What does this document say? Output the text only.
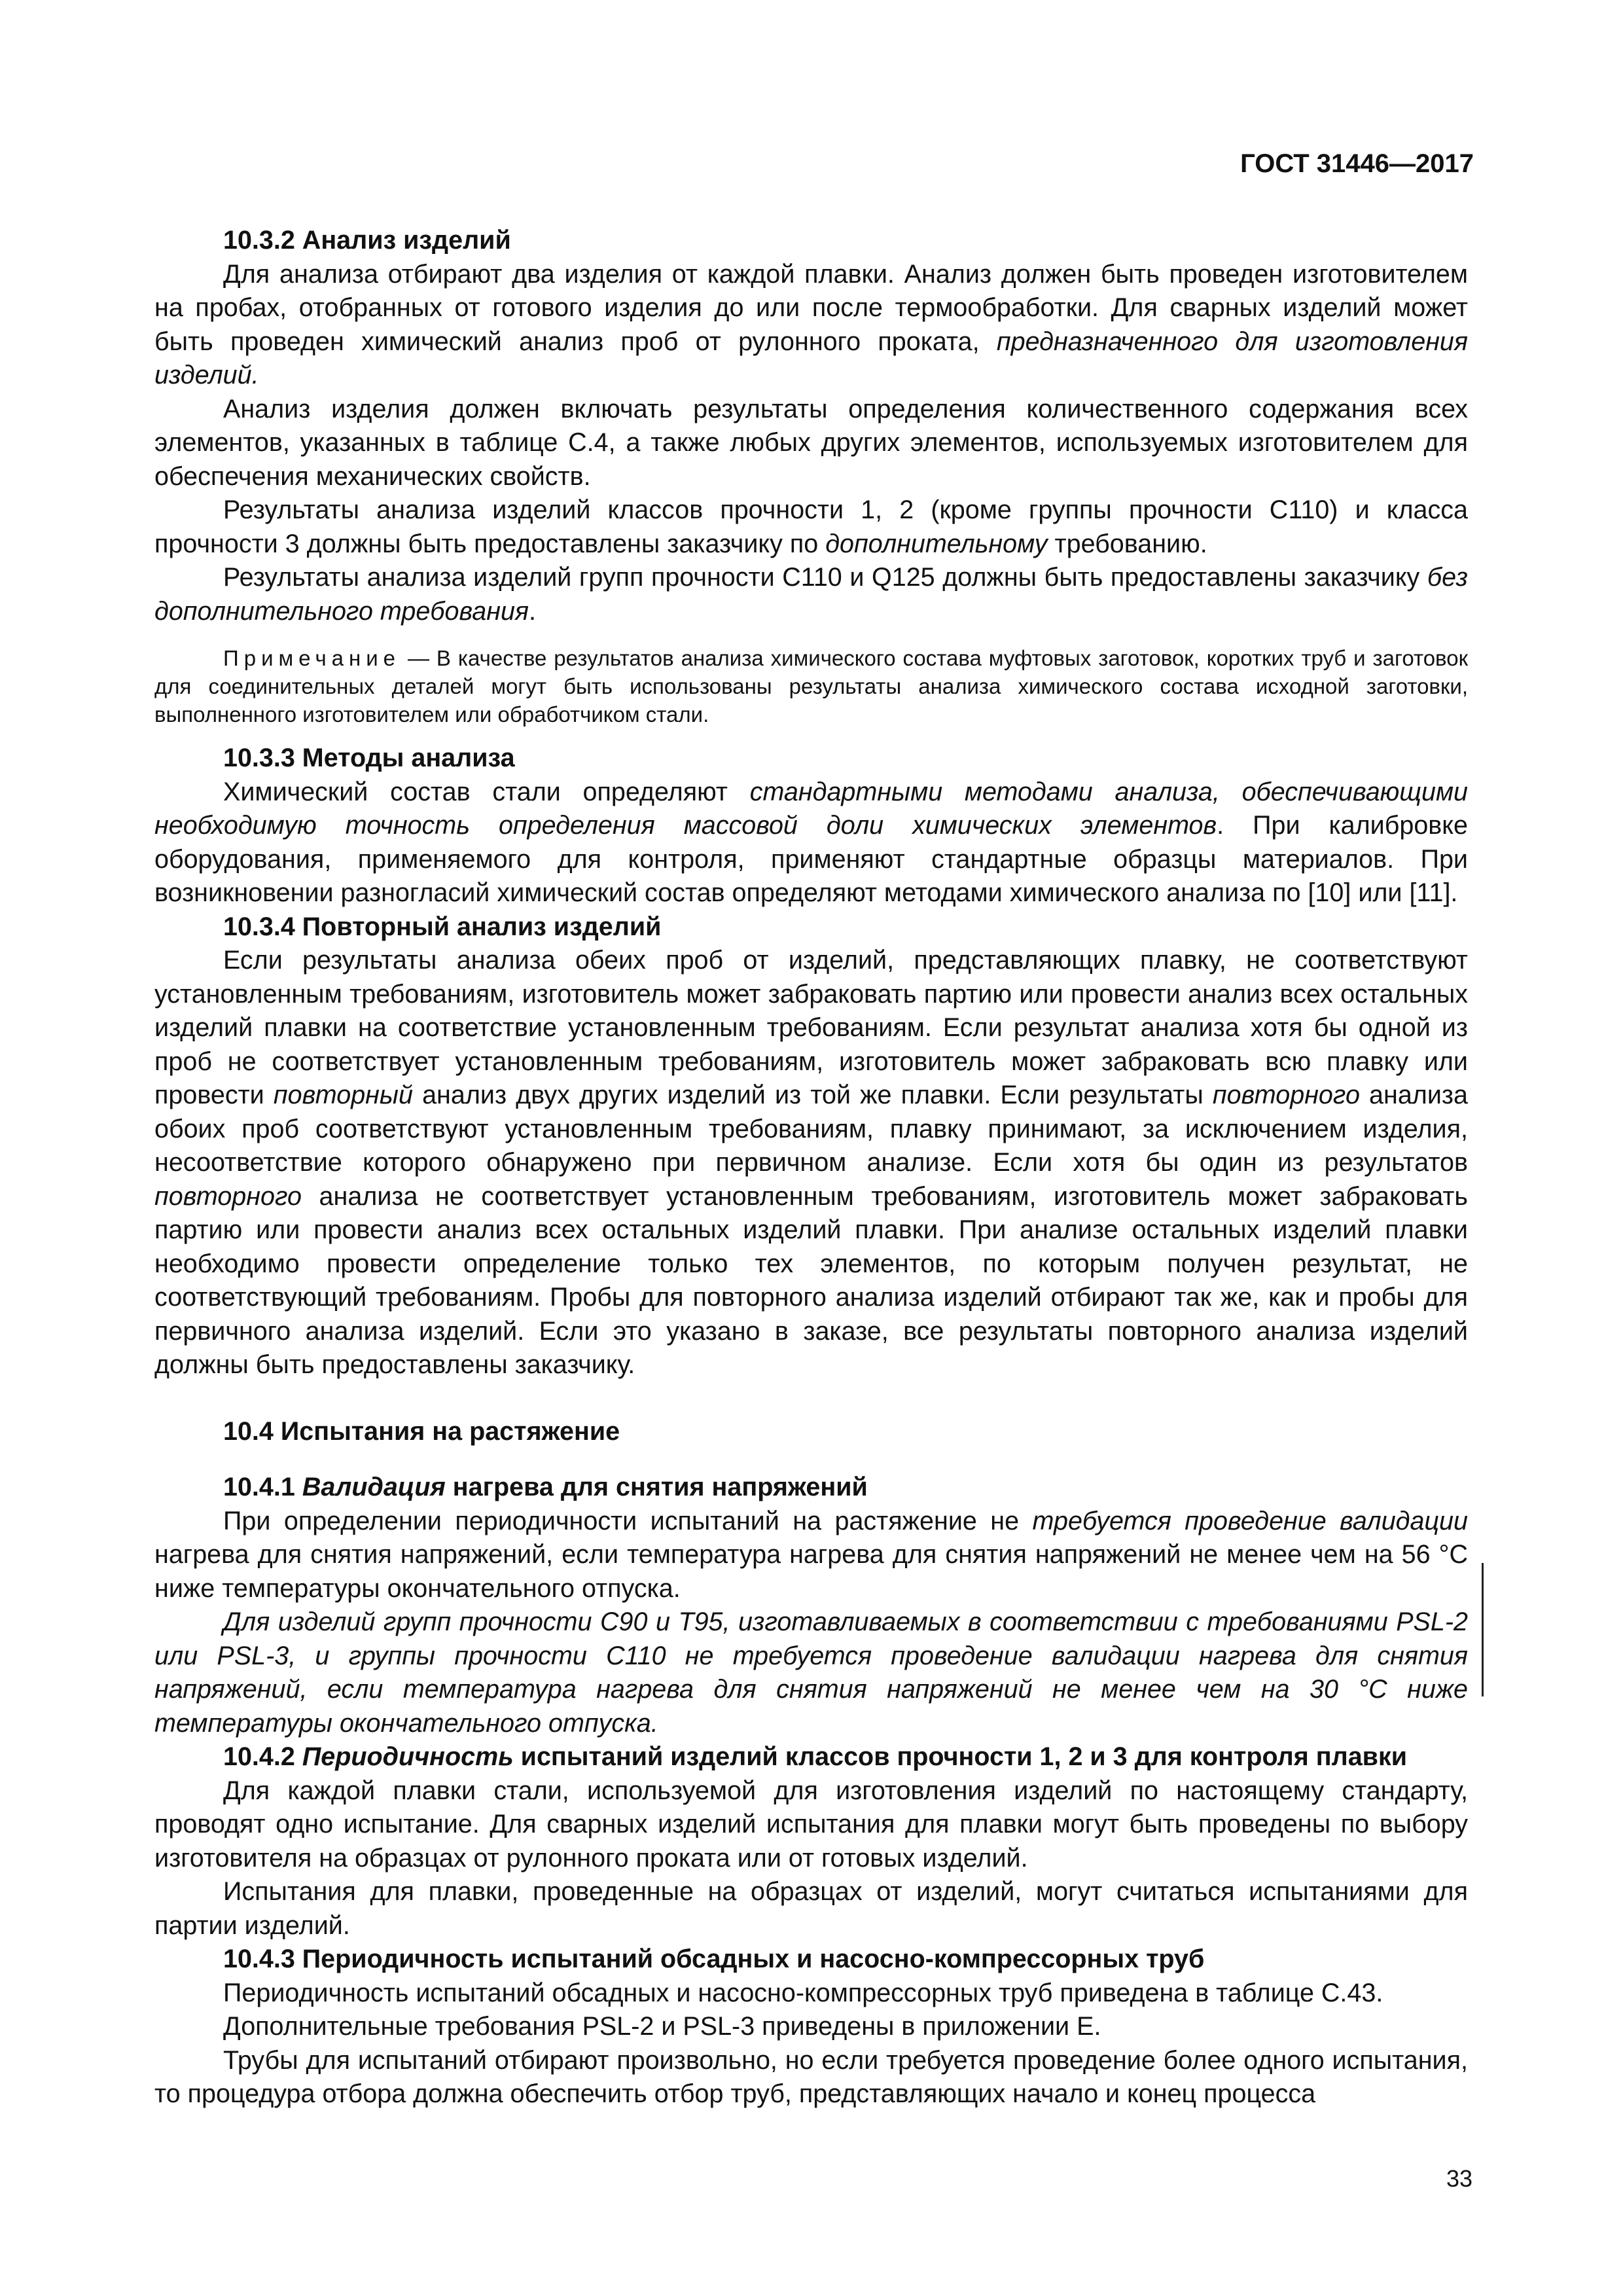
ГОСТ 31446—2017

10.3.2 Анализ изделий

Для анализа отбирают два изделия от каждой плавки. Анализ должен быть проведен изготовителем на пробах, отобранных от готового изделия до или после термообработки. Для сварных изделий может быть проведен химический анализ проб от рулонного проката, предназначенного для изготовления изделий.

Анализ изделия должен включать результаты определения количественного содержания всех элементов, указанных в таблице С.4, а также любых других элементов, используемых изготовителем для обеспечения механических свойств.

Результаты анализа изделий классов прочности 1, 2 (кроме группы прочности С110) и класса прочности 3 должны быть предоставлены заказчику по дополнительному требованию.

Результаты анализа изделий групп прочности С110 и Q125 должны быть предоставлены заказчику без дополнительного требования.

Примечание — В качестве результатов анализа химического состава муфтовых заготовок, коротких труб и заготовок для соединительных деталей могут быть использованы результаты анализа химического состава исходной заготовки, выполненного изготовителем или обработчиком стали.

10.3.3 Методы анализа

Химический состав стали определяют стандартными методами анализа, обеспечивающими необходимую точность определения массовой доли химических элементов. При калибровке оборудования, применяемого для контроля, применяют стандартные образцы материалов. При возникновении разногласий химический состав определяют методами химического анализа по [10] или [11].

10.3.4 Повторный анализ изделий

Если результаты анализа обеих проб от изделий, представляющих плавку, не соответствуют установленным требованиям, изготовитель может забраковать партию или провести анализ всех остальных изделий плавки на соответствие установленным требованиям. Если результат анализа хотя бы одной из проб не соответствует установленным требованиям, изготовитель может забраковать всю плавку или провести повторный анализ двух других изделий из той же плавки. Если результаты повторного анализа обоих проб соответствуют установленным требованиям, плавку принимают, за исключением изделия, несоответствие которого обнаружено при первичном анализе. Если хотя бы один из результатов повторного анализа не соответствует установленным требованиям, изготовитель может забраковать партию или провести анализ всех остальных изделий плавки. При анализе остальных изделий плавки необходимо провести определение только тех элементов, по которым получен результат, не соответствующий требованиям. Пробы для повторного анализа изделий отбирают так же, как и пробы для первичного анализа изделий. Если это указано в заказе, все результаты повторного анализа изделий должны быть предоставлены заказчику.

10.4 Испытания на растяжение

10.4.1 Валидация нагрева для снятия напряжений

При определении периодичности испытаний на растяжение не требуется проведение валидации нагрева для снятия напряжений, если температура нагрева для снятия напряжений не менее чем на 56 °С ниже температуры окончательного отпуска.

Для изделий групп прочности С90 и Т95, изготавливаемых в соответствии с требованиями PSL-2 или PSL-3, и группы прочности С110 не требуется проведение валидации нагрева для снятия напряжений, если температура нагрева для снятия напряжений не менее чем на 30 °С ниже температуры окончательного отпуска.

10.4.2 Периодичность испытаний изделий классов прочности 1, 2 и 3 для контроля плавки

Для каждой плавки стали, используемой для изготовления изделий по настоящему стандарту, проводят одно испытание. Для сварных изделий испытания для плавки могут быть проведены по выбору изготовителя на образцах от рулонного проката или от готовых изделий.

Испытания для плавки, проведенные на образцах от изделий, могут считаться испытаниями для партии изделий.

10.4.3 Периодичность испытаний обсадных и насосно-компрессорных труб

Периодичность испытаний обсадных и насосно-компрессорных труб приведена в таблице С.43.

Дополнительные требования PSL-2 и PSL-3 приведены в приложении Е.

Трубы для испытаний отбирают произвольно, но если требуется проведение более одного испытания, то процедура отбора должна обеспечить отбор труб, представляющих начало и конец процесса

33
